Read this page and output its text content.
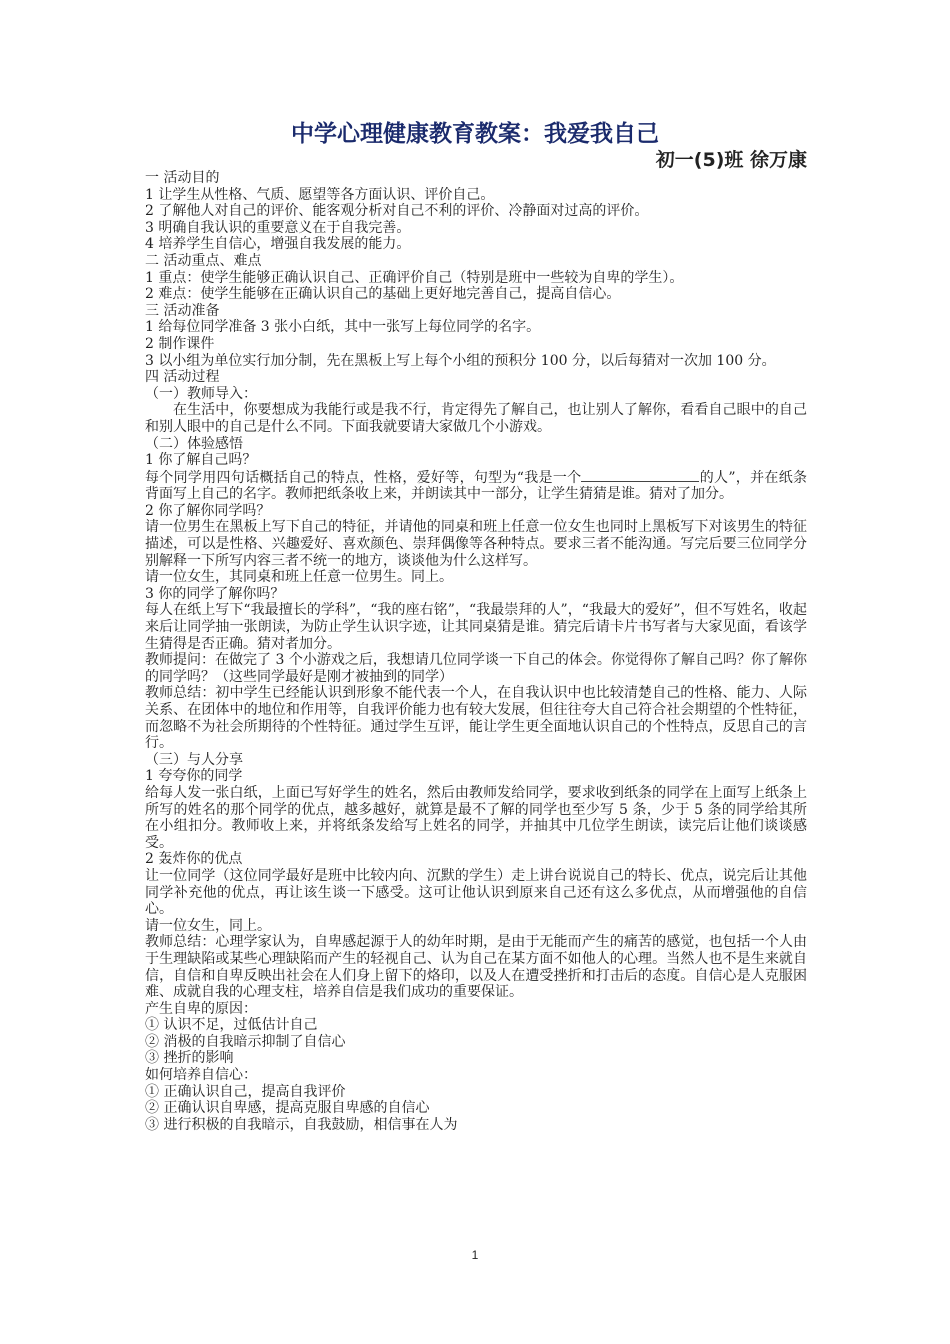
中学心理健康教育教案：我爱我自己
初一(5)班 徐万康

一 活动目的

1 让学生从性格、气质、愿望等各方面认识、评价自己。

2 了解他人对自己的评价、能客观分析对自己不利的评价、冷静面对过高的评价。

3 明确自我认识的重要意义在于自我完善。

4 培养学生自信心，增强自我发展的能力。

二 活动重点、难点

1 重点：使学生能够正确认识自己、正确评价自己（特别是班中一些较为自卑的学生）。

2 难点：使学生能够在正确认识自己的基础上更好地完善自己，提高自信心。

三 活动准备

1 给每位同学准备 3 张小白纸，其中一张写上每位同学的名字。

2 制作课件

3 以小组为单位实行加分制，先在黑板上写上每个小组的预积分 100 分，以后每猜对一次加 100 分。

四 活动过程

（一）教师导入：

在生活中，你要想成为我能行或是我不行，肯定得先了解自己，也让别人了解你，看看自己眼中的自己和别人眼中的自己是什么不同。下面我就要请大家做几个小游戏。

（二）体验感悟

1 你了解自己吗？

每个同学用四句话概括自己的特点，性格，爱好等，句型为“我是一个	的人”，并在纸条背面写上自己的名字。教师把纸条收上来，并朗读其中一部分，让学生猜猜是谁。猜对了加分。

2 你了解你同学吗？

请一位男生在黑板上写下自己的特征，并请他的同桌和班上任意一位女生也同时上黑板写下对该男生的特征描述，可以是性格、兴趣爱好、喜欢颜色、崇拜偶像等各种特点。要求三者不能沟通。写完后要三位同学分别解释一下所写内容三者不统一的地方，谈谈他为什么这样写。

请一位女生，其同桌和班上任意一位男生。同上。

3 你的同学了解你吗？

每人在纸上写下“我最擅长的学科”，“我的座右铭”，“我最崇拜的人”，“我最大的爱好”，但不写姓名，收起来后让同学抽一张朗读，为防止学生认识字迹，让其同桌猜是谁。猜完后请卡片书写者与大家见面，看该学生猜得是否正确。猜对者加分。

教师提问：在做完了 3 个小游戏之后，我想请几位同学谈一下自己的体会。你觉得你了解自己吗？你了解你的同学吗？（这些同学最好是刚才被抽到的同学）

教师总结：初中学生已经能认识到形象不能代表一个人，在自我认识中也比较清楚自己的性格、能力、人际关系、在团体中的地位和作用等，自我评价能力也有较大发展，但往往夸大自己符合社会期望的个性特征，而忽略不为社会所期待的个性特征。通过学生互评，能让学生更全面地认识自己的个性特点，反思自己的言行。

（三）与人分享

1 夸夸你的同学

给每人发一张白纸，上面已写好学生的姓名，然后由教师发给同学，要求收到纸条的同学在上面写上纸条上所写的姓名的那个同学的优点，越多越好，就算是最不了解的同学也至少写 5 条，少于 5 条的同学给其所在小组扣分。教师收上来，并将纸条发给写上姓名的同学，并抽其中几位学生朗读，读完后让他们谈谈感受。

2 轰炸你的优点

让一位同学（这位同学最好是班中比较内向、沉默的学生）走上讲台说说自己的特长、优点，说完后让其他同学补充他的优点，再让该生谈一下感受。这可让他认识到原来自己还有这么多优点，从而增强他的自信心。

请一位女生，同上。

教师总结：心理学家认为，自卑感起源于人的幼年时期，是由于无能而产生的痛苦的感觉，也包括一个人由于生理缺陷或某些心理缺陷而产生的轻视自己、认为自己在某方面不如他人的心理。当然人也不是生来就自信，自信和自卑反映出社会在人们身上留下的烙印，以及人在遭受挫折和打击后的态度。自信心是人克服困难、成就自我的心理支柱，培养自信是我们成功的重要保证。

产生自卑的原因：

① 认识不足，过低估计自己

② 消极的自我暗示抑制了自信心

③ 挫折的影响

如何培养自信心：

① 正确认识自己，提高自我评价

② 正确认识自卑感，提高克服自卑感的自信心

③ 进行积极的自我暗示，自我鼓励，相信事在人为

1
